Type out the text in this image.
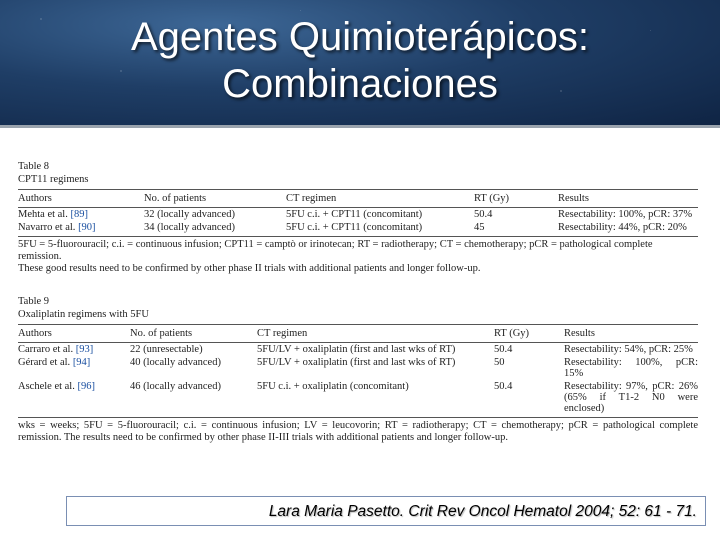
Agentes Quimioterápicos:
Combinaciones
Table 8
CPT11 regimens
Authors	No. of patients	CT regimen	RT (Gy)	Results
Mehta et al. [89]	32 (locally advanced)	5FU c.i. + CPT11 (concomitant)	50.4	Resectability: 100%, pCR: 37%
Navarro et al. [90]	34 (locally advanced)	5FU c.i. + CPT11 (concomitant)	45	Resectability: 44%, pCR: 20%
5FU = 5-fluorouracil; c.i. = continuous infusion; CPT11 = camptò or irinotecan; RT = radiotherapy; CT = chemotherapy; pCR = pathological complete remission.
These good results need to be confirmed by other phase II trials with additional patients and longer follow-up.
Table 9
Oxaliplatin regimens with 5FU
Authors	No. of patients	CT regimen	RT (Gy)	Results
Carraro et al. [93]	22 (unresectable)	5FU/LV + oxaliplatin (first and last wks of RT)	50.4	Resectability: 54%, pCR: 25%
Gérard et al. [94]	40 (locally advanced)	5FU/LV + oxaliplatin (first and last wks of RT)	50	Resectability: 100%, pCR: 15%
Aschele et al. [96]	46 (locally advanced)	5FU c.i. + oxaliplatin (concomitant)	50.4	Resectability: 97%, pCR: 26% (65% if T1-2 N0 were enclosed)
wks = weeks; 5FU = 5-fluorouracil; c.i. = continuous infusion; LV = leucovorin; RT = radiotherapy; CT = chemotherapy; pCR = pathological complete remission. The results need to be confirmed by other phase II-III trials with additional patients and longer follow-up.
Lara Maria Pasetto. Crit Rev Oncol Hematol 2004; 52: 61 - 71.
